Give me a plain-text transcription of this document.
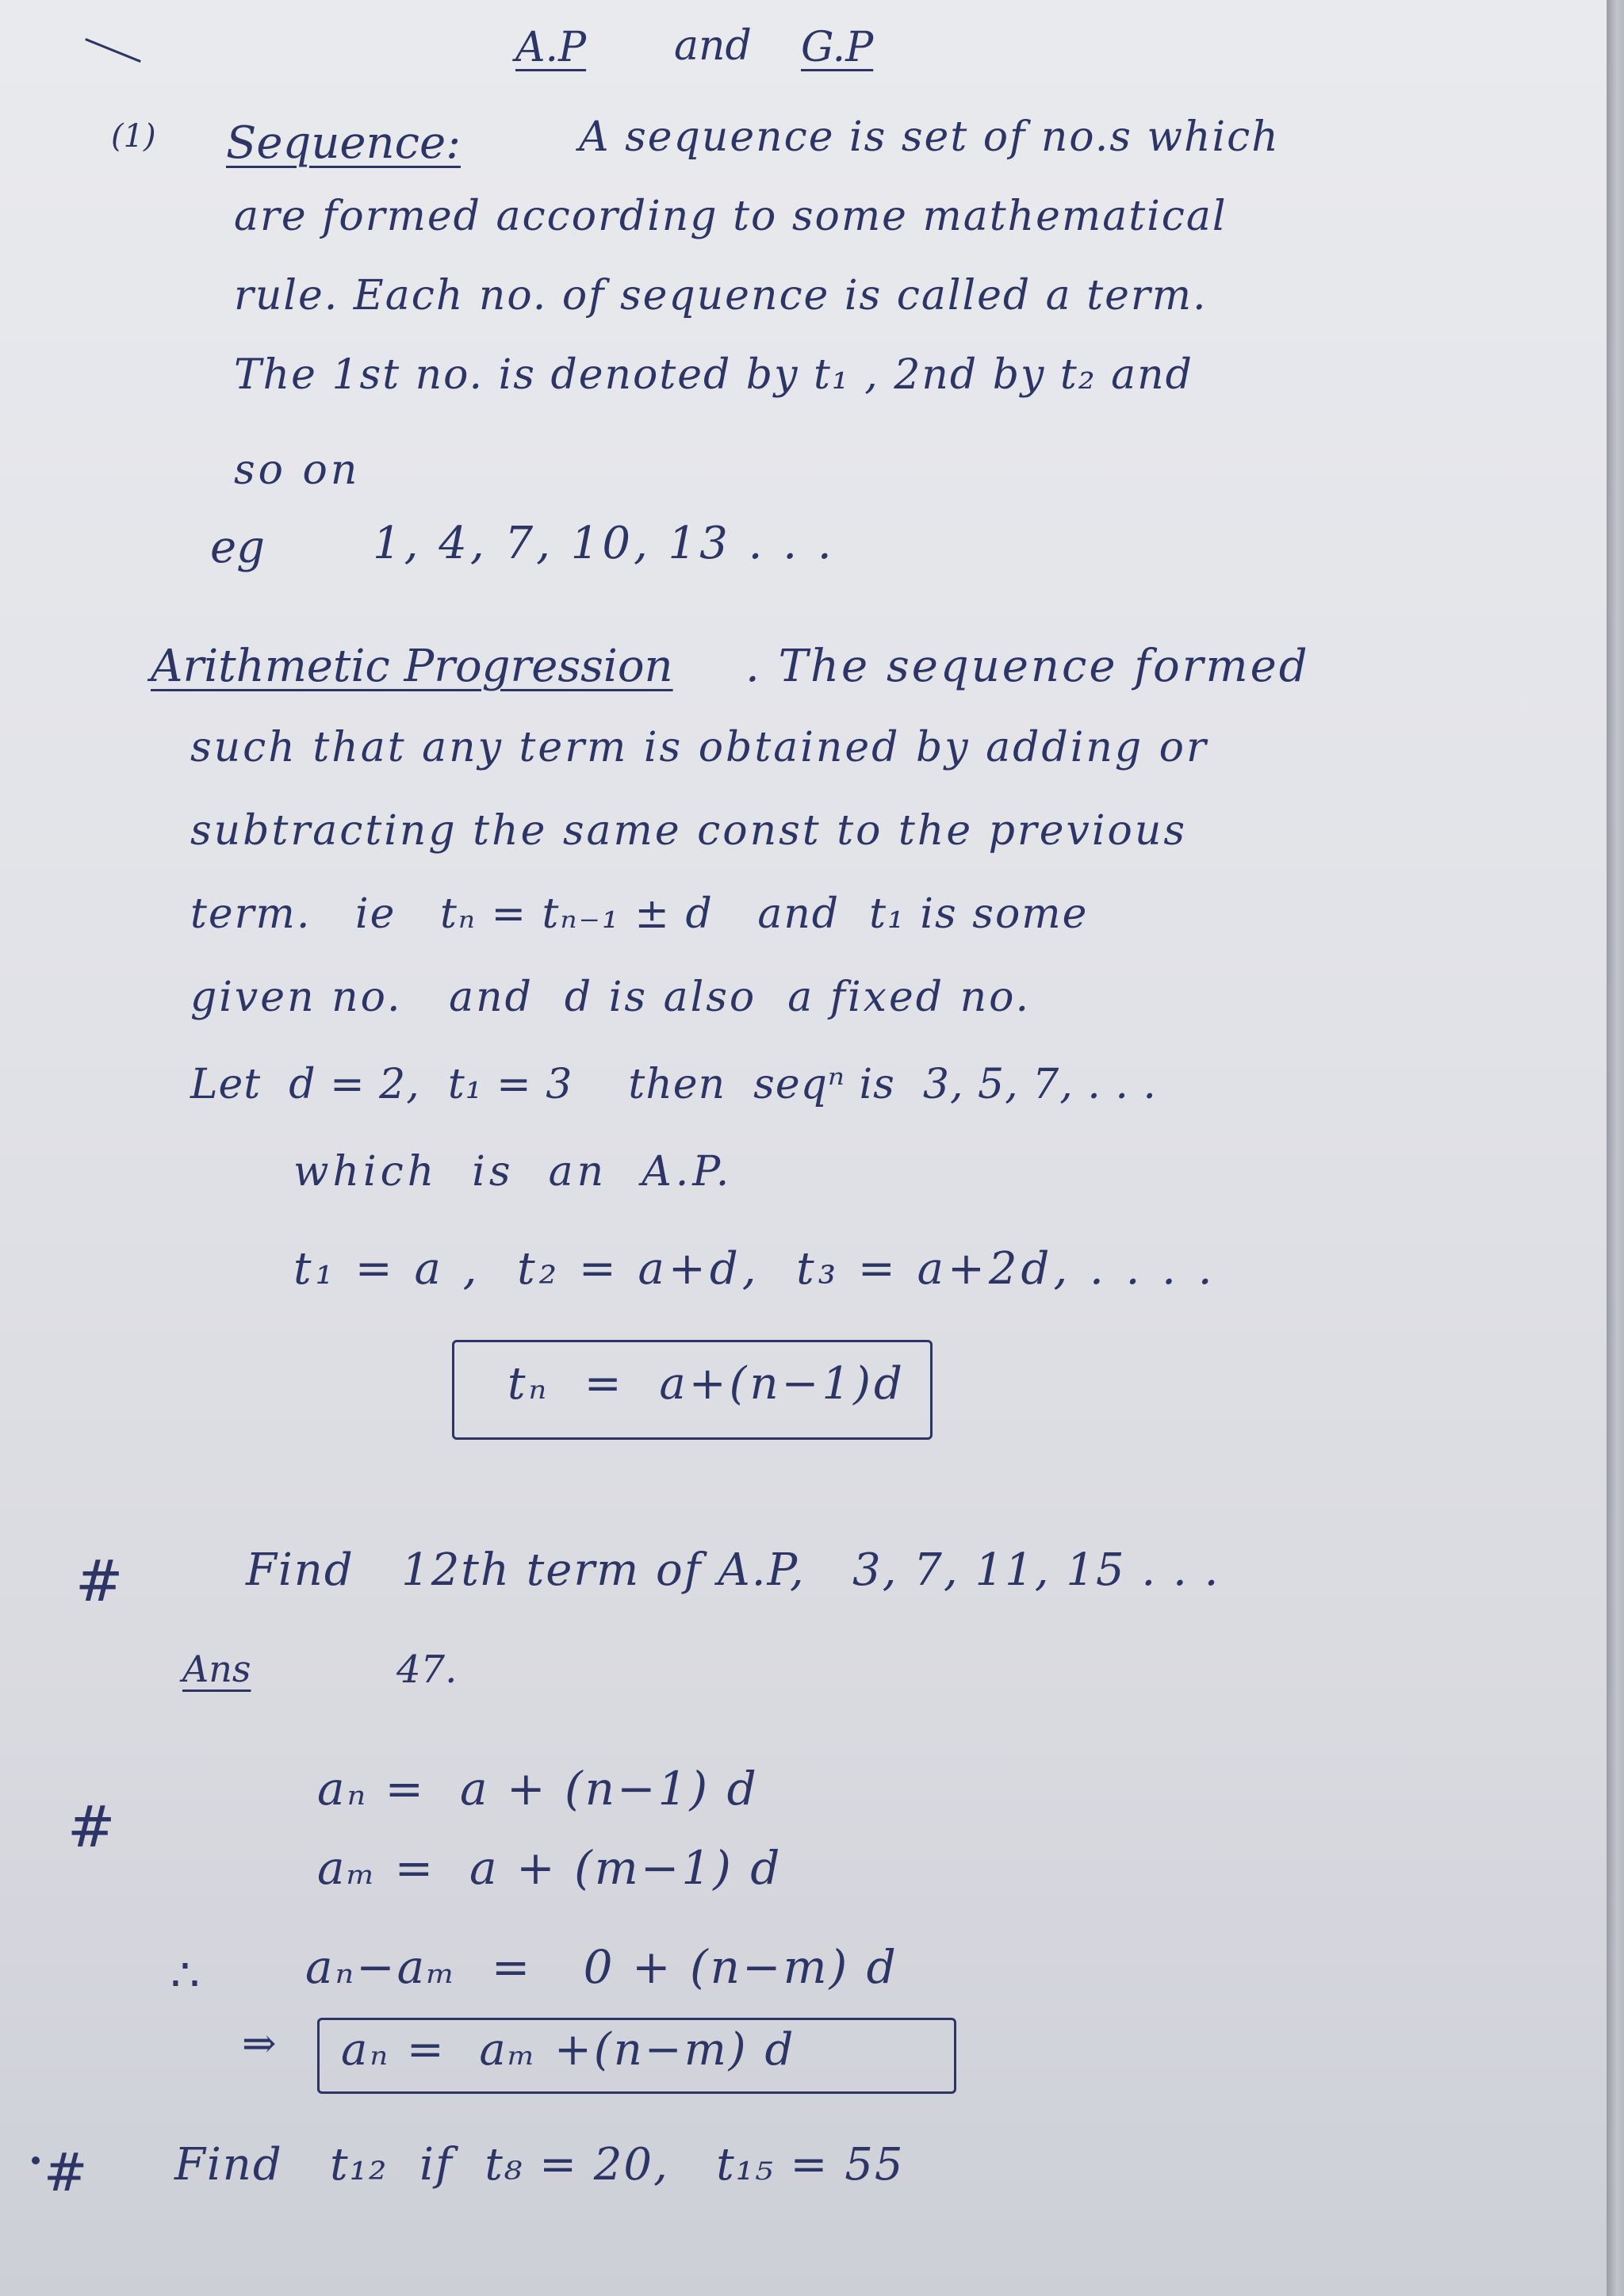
A.P and G.P
(1) Sequence:	A sequence is set of no.s which
are formed according to some mathematical
rule. Each no. of sequence is called a term.
The 1st no. is denoted by t₁ , 2nd by t₂ and
so on
eg 1, 4, 7, 10, 13 . . .
Arithmetic Progression . The sequence formed
such that any term is obtained by adding or
subtracting the same const to the previous
term.   ie   tₙ = tₙ₋₁ ± d   and  t₁ is some
given no.   and  d is also  a fixed no.
Let  d = 2,  t₁ = 3    then  seqⁿ is  3, 5, 7, . . .
which  is  an  A.P.
t₁ = a ,  t₂ = a+d,  t₃ = a+2d, . . . .
tₙ  =  a+(n−1)d
#	Find   12th term of A.P,   3, 7, 11, 15 . . .
Ans	47.
#
aₙ =  a + (n−1) d
aₘ =  a + (m−1) d
∴ aₙ−aₘ  =   0 + (n−m) d
⇒ aₙ =  aₘ +(n−m) d
# Find   t₁₂  if  t₈ = 20,   t₁₅ = 55
